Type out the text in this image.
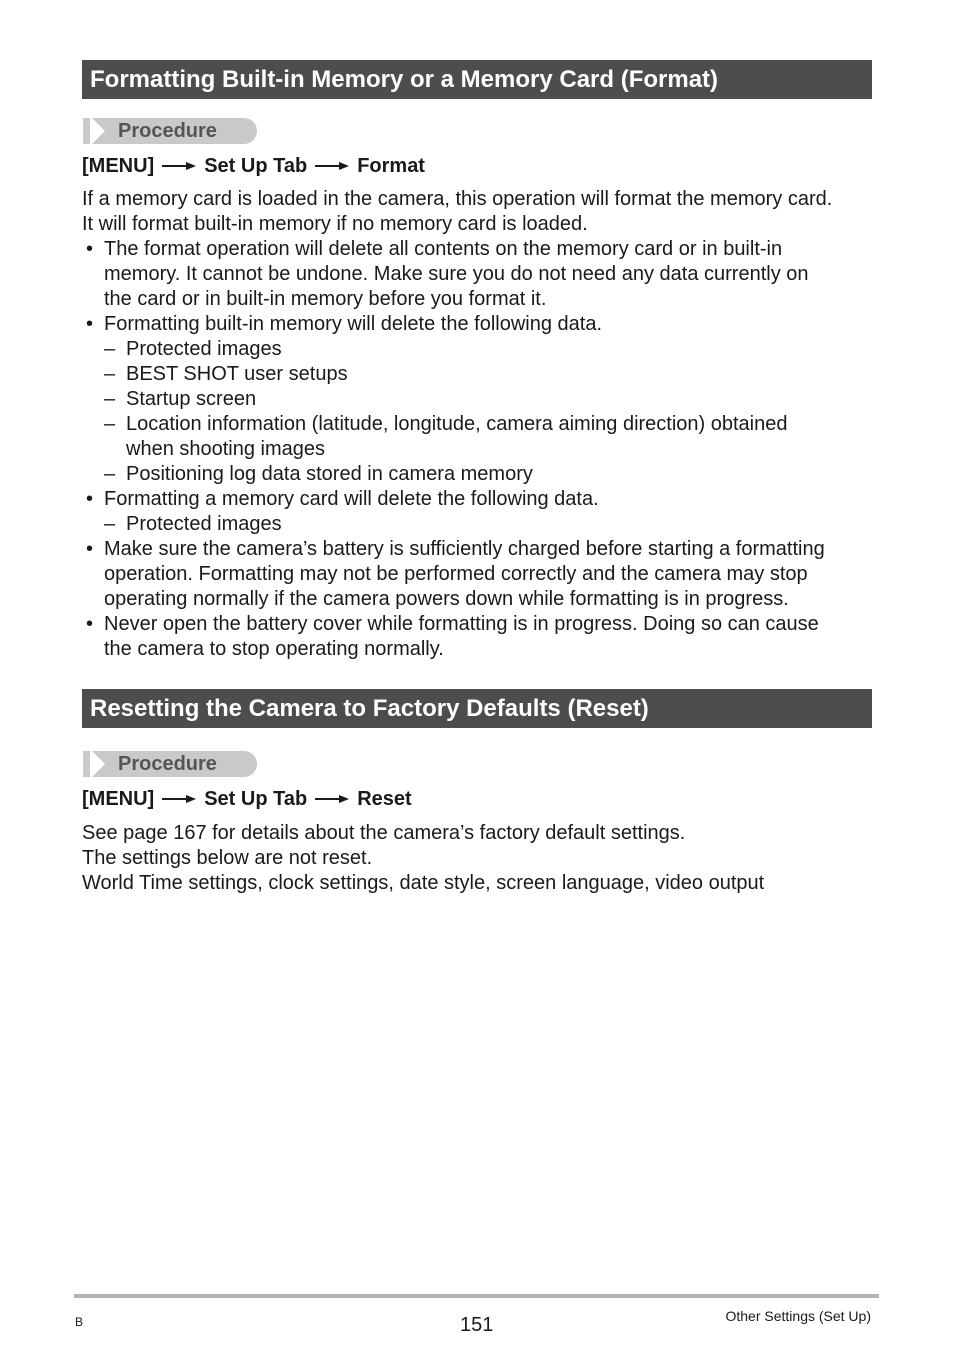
Formatting Built-in Memory or a Memory Card (Format)
Procedure
[MENU]	Set Up Tab	Format
If a memory card is loaded in the camera, this operation will format the memory card.
It will format built-in memory if no memory card is loaded.
• The format operation will delete all contents on the memory card or in built-in
memory. It cannot be undone. Make sure you do not need any data currently on
the card or in built-in memory before you format it.
• Formatting built-in memory will delete the following data.
– Protected images
– BEST SHOT user setups
– Startup screen
– Location information (latitude, longitude, camera aiming direction) obtained
when shooting images
– Positioning log data stored in camera memory
• Formatting a memory card will delete the following data.
– Protected images
• Make sure the camera’s battery is sufficiently charged before starting a formatting
operation. Formatting may not be performed correctly and the camera may stop
operating normally if the camera powers down while formatting is in progress.
• Never open the battery cover while formatting is in progress. Doing so can cause
the camera to stop operating normally.
Resetting the Camera to Factory Defaults (Reset)
Procedure
[MENU]	Set Up Tab	Reset
See page 167 for details about the camera’s factory default settings.
The settings below are not reset.
World Time settings, clock settings, date style, screen language, video output
B	151	Other Settings (Set Up)
